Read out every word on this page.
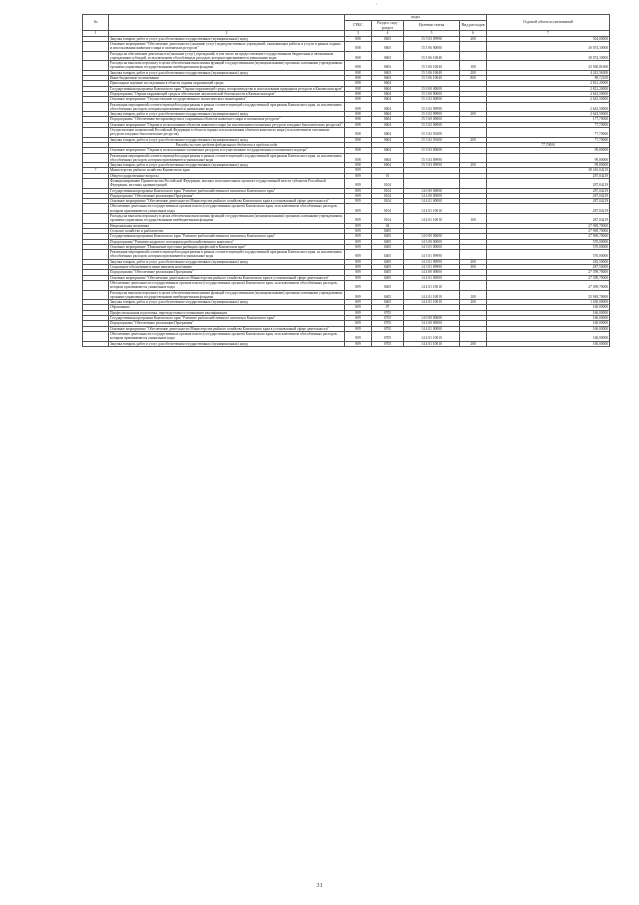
'
№		коды				Годовой объем ассигнований
		ГРБС	Раздел, под-раздел	Целевая статья	Вид расходов	
1	2	3	4	5	6	7
	Закупка товаров, работ и услуг для обеспечения государственных (муниципальных) нужд	808	0603	15 5 03 09990	200	504,00000
	Основное мероприятие "Обеспечение деятельности (оказание услуг) подведомственных учреждений, оказывающих работы и услуги в рамках охраны и использования животного мира и охотничьих ресурсов"	808	0603	15 5 06 00000		30 074,10000
	Расходы на обеспечение деятельности (оказание услуг) учреждений, в том числе на предоставление государственным бюджетным и автономным учреждениям субсидий, за исключением обособленных расходов, которым присваиваются уникальные коды	808	0603	15 5 06 10040		30 074,10000
	Расходы на выплаты персоналу в целях обеспечения выполнения функций государственными (муниципальными) органами, казенными учреждениями, органами управления государственными внебюджетными фондами	808	0603	15 5 06 10040	100	25 560,81600
	Закупка товаров, работ и услуг для обеспечения государственных (муниципальных) нужд	808	0603	15 5 06 10040	200	4 423,56300
	Иные бюджетные ассигнования	808	0603	15 5 06 10040	800	89,72100
	Прикладные научные исследования в области охраны окружающей среды	808	0604			2 821,20000
	Государственная программа Камчатского края "Охрана окружающей среды, воспроизводство и использование природных ресурсов в Камчатском крае"	808	0604	15 0 00 00000		2 821,20000
	Подпрограмма "Охрана окружающей среды и обеспечение экологической безопасности в Камчатском крае"	808	0604	15 3 00 00000		2 643,50000
	Основное мероприятие "Осуществление государственного экологического мониторинга"	808	0604	15 3 02 00000		2 643,50000
	Реализация мероприятий соответствующей подпрограммы в рамках соответствующей государственной программы Камчатского края, за исключением обособленных расходов, которым присваиваются уникальные коды	808	0604	15 3 02 09990		2 643,50000
	Закупка товаров, работ и услуг для обеспечения государственных (муниципальных) нужд	808	0604	15 3 02 09990	200	2 643,50000
	Подпрограмма "Обеспечение воспроизводства и сохранения объектов животного мира и охотничьих ресурсов"	808	0604	15 5 00 00000		177,70000
	Основное мероприятие "Охрана и использование объектов животного мира (за исключением охотничьих ресурсов и водных биологических ресурсов)"	808	0604	15 5 02 00000		77,70000
	Осуществление полномочий Российской Федерации в области охраны и использования объектов животного мира (за исключением охотничьих ресурсов и водных биологических ресурсов)	808	0604	15 5 02 59200		77,70000
	Закупка товаров, работ и услуг для обеспечения государственных (муниципальных) нужд	808	0604	15 5 02 59200	200	77,70000
	Расходы за счет средств федерального бюджета в пределах кода					77,70000
	Основное мероприятие "Охрана и использование охотничьих ресурсов и осуществление государственного охотничьего надзора"	808	0604	15 5 03 00000		99,00000
	Реализация мероприятий соответствующей подпрограммы в рамках соответствующей государственной программы Камчатского края, за исключением обособленных расходов, которым присваиваются уникальные коды	808	0604	15 5 03 09990		99,00000
	Закупка товаров, работ и услуг для обеспечения государственных (муниципальных) нужд	808	0604	15 5 03 09990	200	99,00000
7	Министерство рыбного хозяйства Камчатского края	809				28 416,04219
	Общегосударственные вопросы	809	01			287,04219
	Функционирование Правительства Российской Федерации, высших исполнительных органов государственной власти субъектов Российской Федерации, местных администраций	809	0104			287,04219
	Государственная программа Камчатского края "Развитие рыбохозяйственного комплекса Камчатского края"	809	0104	14 0 00 00000		287,04219
	Подпрограмма "Обеспечение реализации Программы"	809	0104	14 4 00 00000		287,04219
	Основное мероприятие "Обеспечение деятельности Министерства рыбного хозяйства Камчатского края в установленной сфере деятельности"	809	0104	14 4 01 00000		287,04219
	Обеспечение деятельности государственных органов власти (государственных органов) Камчатского края, за исключением обособленных расходов, которым присваиваются уникальные коды	809	0104	14 4 01 10010		287,04219
	Расходы на выплаты персоналу в целях обеспечения выполнения функций государственными (муниципальными) органами, казенными учреждениями, органами управления государственными внебюджетными фондами	809	0104	14 4 01 10010	100	287,04219
	Национальная экономика	809	04			27 969,70000
	Сельское хозяйство и рыболовство	809	0405			27 969,70000
	Государственная программа Камчатского края "Развитие рыбохозяйственного комплекса Камчатского края"	809	0405	14 0 00 00000		27 969,70000
	Подпрограмма "Развитие кадрового потенциала рыбохозяйственного комплекса"	809	0405	14 3 00 00000		570,00000
	Основное мероприятие "Повышение престижа рыбацких профессий в Камчатском крае"	809	0405	14 3 01 00000		570,00000
	Реализация мероприятий соответствующей подпрограммы в рамках соответствующей государственной программы Камчатского края, за исключением обособленных расходов, которым присваиваются уникальные коды	809	0405	14 3 01 09990		570,00000
	Закупка товаров, работ и услуг для обеспечения государственных (муниципальных) нужд	809	0405	14 3 01 09990	200	282,50000
	Социальное обеспечение и иные выплаты населению	809	0405	14 3 01 09990	300	287,50000
	Подпрограмма "Обеспечение реализации Программы"	809	0405	14 4 00 00000		27 399,70000
	Основное мероприятие "Обеспечение деятельности Министерства рыбного хозяйства Камчатского края в установленной сфере деятельности"	809	0405	14 4 01 00000		27 399,70000
	Обеспечение деятельности государственных органов власти (государственных органов) Камчатского края, за исключением обособленных расходов, которым присваиваются уникальные коды	809	0405	14 4 01 10010		27 399,70000
	Расходы на выплаты персоналу в целях обеспечения выполнения функций государственными (муниципальными) органами, казенными учреждениями, органами управления государственными внебюджетными фондами	809	0405	14 4 01 10010	100	25 949,70000
	Закупка товаров, работ и услуг для обеспечения государственных (муниципальных) нужд	809	0405	14 4 01 10010	200	1 450,00000
	Образование	809	07			160,00000
	Профессиональная подготовка, переподготовка и повышение квалификации	809	0705			160,00000
	Государственная программа Камчатского края "Развитие рыбохозяйственного комплекса Камчатского края"	809	0705	14 0 00 00000		160,00000
	Подпрограмма "Обеспечение реализации Программы"	809	0705	14 4 00 00000		160,00000
	Основное мероприятие "Обеспечение деятельности Министерства рыбного хозяйства Камчатского края в установленной сфере деятельности"	809	0705	14 4 01 00000		160,00000
	Обеспечение деятельности государственных органов власти (государственных органов) Камчатского края, за исключением обособленных расходов, которым присваиваются уникальные коды	809	0705	14 4 01 10010		160,00000
	Закупка товаров, работ и услуг для обеспечения государственных (муниципальных) нужд	809	0705	14 4 01 10010	200	160,00000
31
